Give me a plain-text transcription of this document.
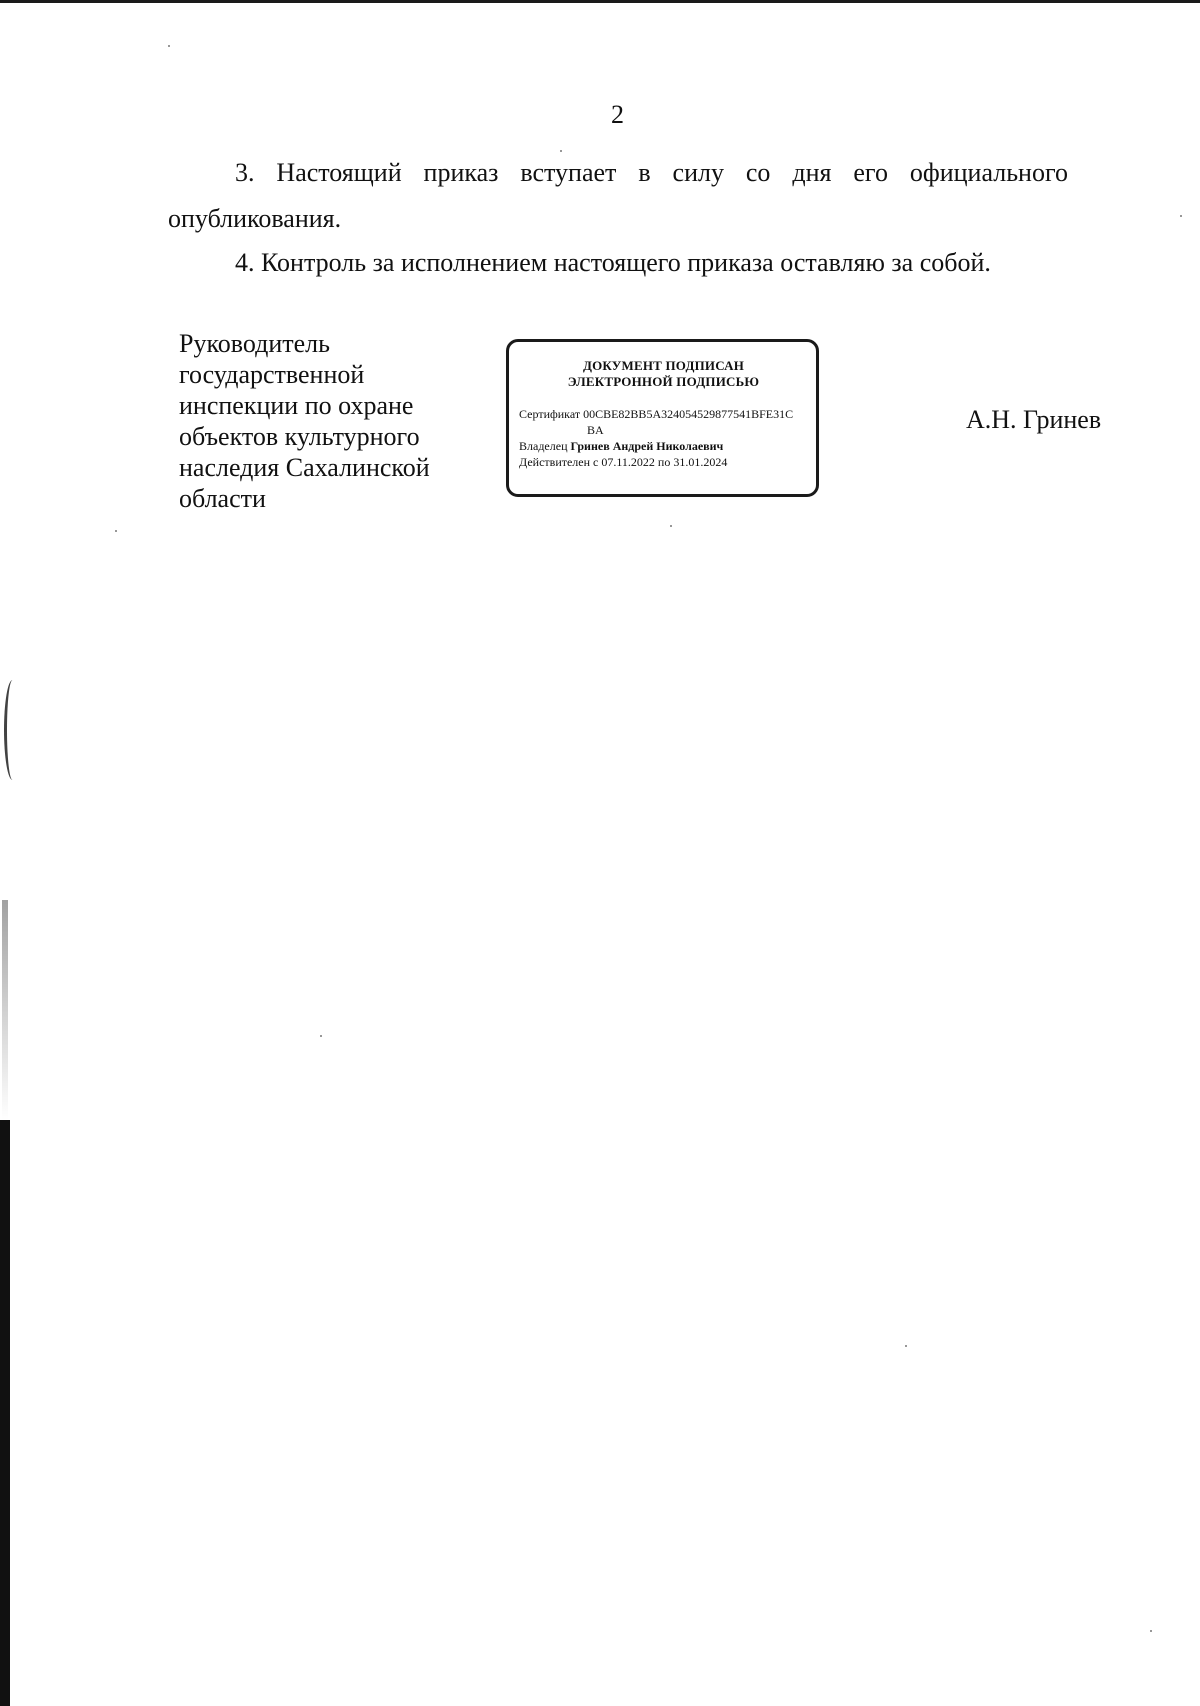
2
3. Настоящий приказ вступает в силу со дня его официального
опубликования.
4. Контроль за исполнением настоящего приказа оставляю за собой.
Руководитель
государственной
инспекции по охране
объектов культурного
наследия Сахалинской
области
ДОКУМЕНТ ПОДПИСАН
ЭЛЕКТРОННОЙ ПОДПИСЬЮ
Сертификат 00CBE82BB5A324054529877541BFE31C
BA
Владелец Гринев Андрей Николаевич
Действителен с 07.11.2022 по 31.01.2024
А.Н. Гринев
